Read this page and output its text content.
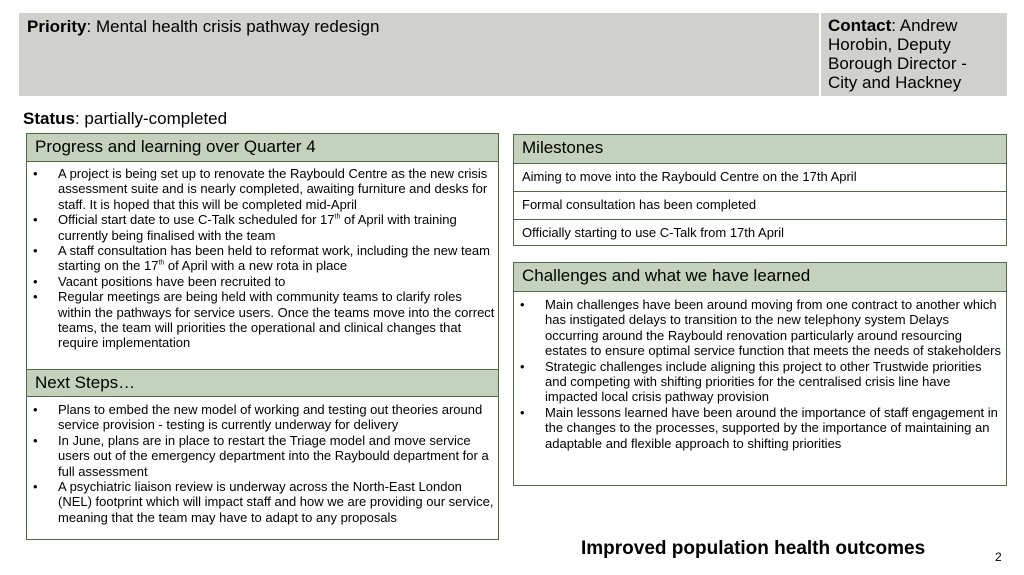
Priority: Mental health crisis pathway redesign	Contact: Andrew Horobin, Deputy Borough Director - City and Hackney
Status: partially-completed
Progress and learning over Quarter 4
• A project is being set up to renovate the Raybould Centre as the new crisis assessment suite and is nearly completed, awaiting furniture and desks for staff. It is hoped that this will be completed mid-April
• Official start date to use C-Talk scheduled for 17th of April with training currently being finalised with the team
• A staff consultation has been held to reformat work, including the new team starting on the 17th of April with a new rota in place
• Vacant positions have been recruited to
• Regular meetings are being held with community teams to clarify roles within the pathways for service users. Once the teams move into the correct teams, the team will priorities the operational and clinical changes that require implementation
Next Steps…
• Plans to embed the new model of working and testing out theories around service provision - testing is currently underway for delivery
• In June, plans are in place to restart the Triage model and move service users out of the emergency department into the Raybould department for a full assessment
• A psychiatric liaison review is underway across the North-East London (NEL) footprint which will impact staff and how we are providing our service, meaning that the team may have to adapt to any proposals
Milestones
Aiming to move into the Raybould Centre on the 17th April
Formal consultation has been completed
Officially starting to use C-Talk from 17th April
Challenges and what we have learned
• Main challenges have been around moving from one contract to another which has instigated delays to transition to the new telephony system Delays occurring around the Raybould renovation particularly around resourcing estates to ensure optimal service function that meets the needs of stakeholders
• Strategic challenges include aligning this project to other Trustwide priorities and competing with shifting priorities for the centralised crisis line have impacted local crisis pathway provision
• Main lessons learned have been around the importance of staff engagement in the changes to the processes, supported by the importance of maintaining an adaptable and flexible approach to shifting priorities
Improved population health outcomes	2
